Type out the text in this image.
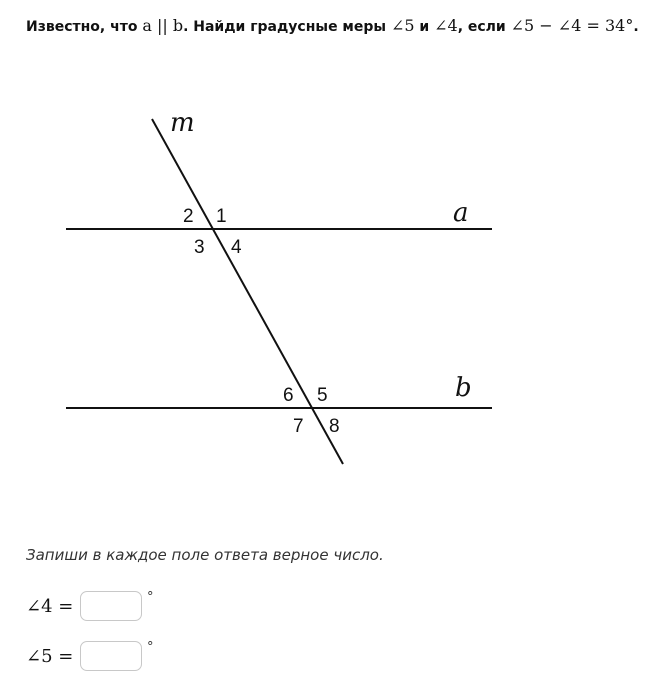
Известно, что a || b. Найди градусные меры ∠5 и ∠4, если ∠5 − ∠4 = 34°.
m
a
b
1
2
3 4
5
6
7 8
Запиши в каждое поле ответа верное число.
∠4 =	°
∠5 =	°
